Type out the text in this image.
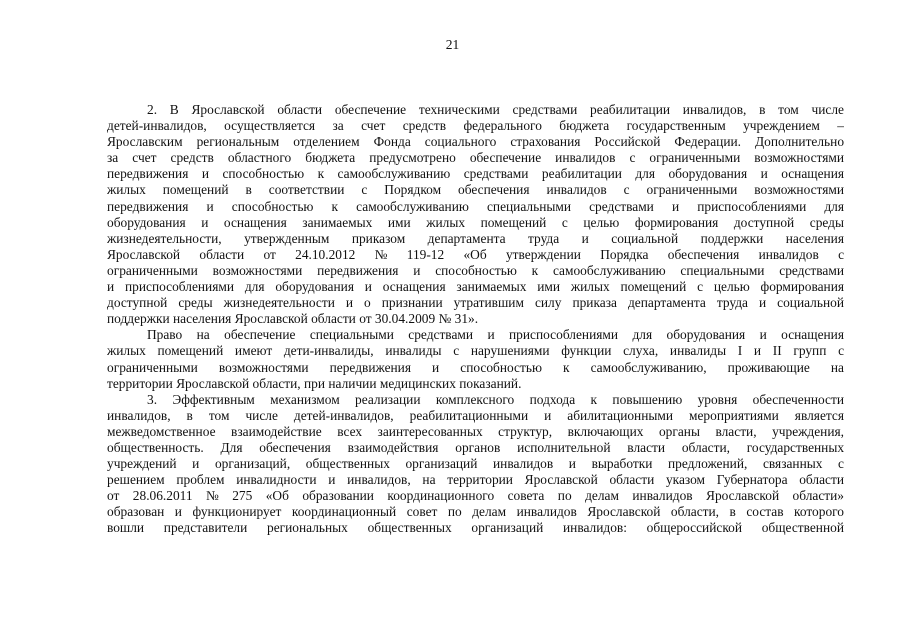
21
2. В Ярославской области обеспечение техническими средствами реабилитации инвалидов, в том числе
детей-инвалидов, осуществляется за счет средств федерального бюджета государственным учреждением –
Ярославским региональным отделением Фонда социального страхования Российской Федерации. Дополнительно
за счет средств областного бюджета предусмотрено обеспечение инвалидов с ограниченными возможностями
передвижения и способностью к самообслуживанию средствами реабилитации для оборудования и оснащения
жилых помещений в соответствии с Порядком обеспечения инвалидов с ограниченными возможностями
передвижения и способностью к самообслуживанию специальными средствами и приспособлениями для
оборудования и оснащения занимаемых ими жилых помещений с целью формирования доступной среды
жизнедеятельности, утвержденным приказом департамента труда и социальной поддержки населения
Ярославской области от 24.10.2012 № 119-12 «Об утверждении Порядка обеспечения инвалидов с
ограниченными возможностями передвижения и способностью к самообслуживанию специальными средствами
и приспособлениями для оборудования и оснащения занимаемых ими жилых помещений с целью формирования
доступной среды жизнедеятельности и о признании утратившим силу приказа департамента труда и социальной
поддержки населения Ярославской области от 30.04.2009 № 31».
Право на обеспечение специальными средствами и приспособлениями для оборудования и оснащения
жилых помещений имеют дети-инвалиды, инвалиды с нарушениями функции слуха, инвалиды I и II групп с
ограниченными возможностями передвижения и способностью к самообслуживанию, проживающие на
территории Ярославской области, при наличии медицинских показаний.
3. Эффективным механизмом реализации комплексного подхода к повышению уровня обеспеченности
инвалидов, в том числе детей-инвалидов, реабилитационными и абилитационными мероприятиями является
межведомственное взаимодействие всех заинтересованных структур, включающих органы власти, учреждения,
общественность. Для обеспечения взаимодействия органов исполнительной власти области, государственных
учреждений и организаций, общественных организаций инвалидов и выработки предложений, связанных с
решением проблем инвалидности и инвалидов, на территории Ярославской области указом Губернатора области
от 28.06.2011 № 275 «Об образовании координационного совета по делам инвалидов Ярославской области»
образован и функционирует координационный совет по делам инвалидов Ярославской области, в состав которого
вошли представители региональных общественных организаций инвалидов: общероссийской общественной
